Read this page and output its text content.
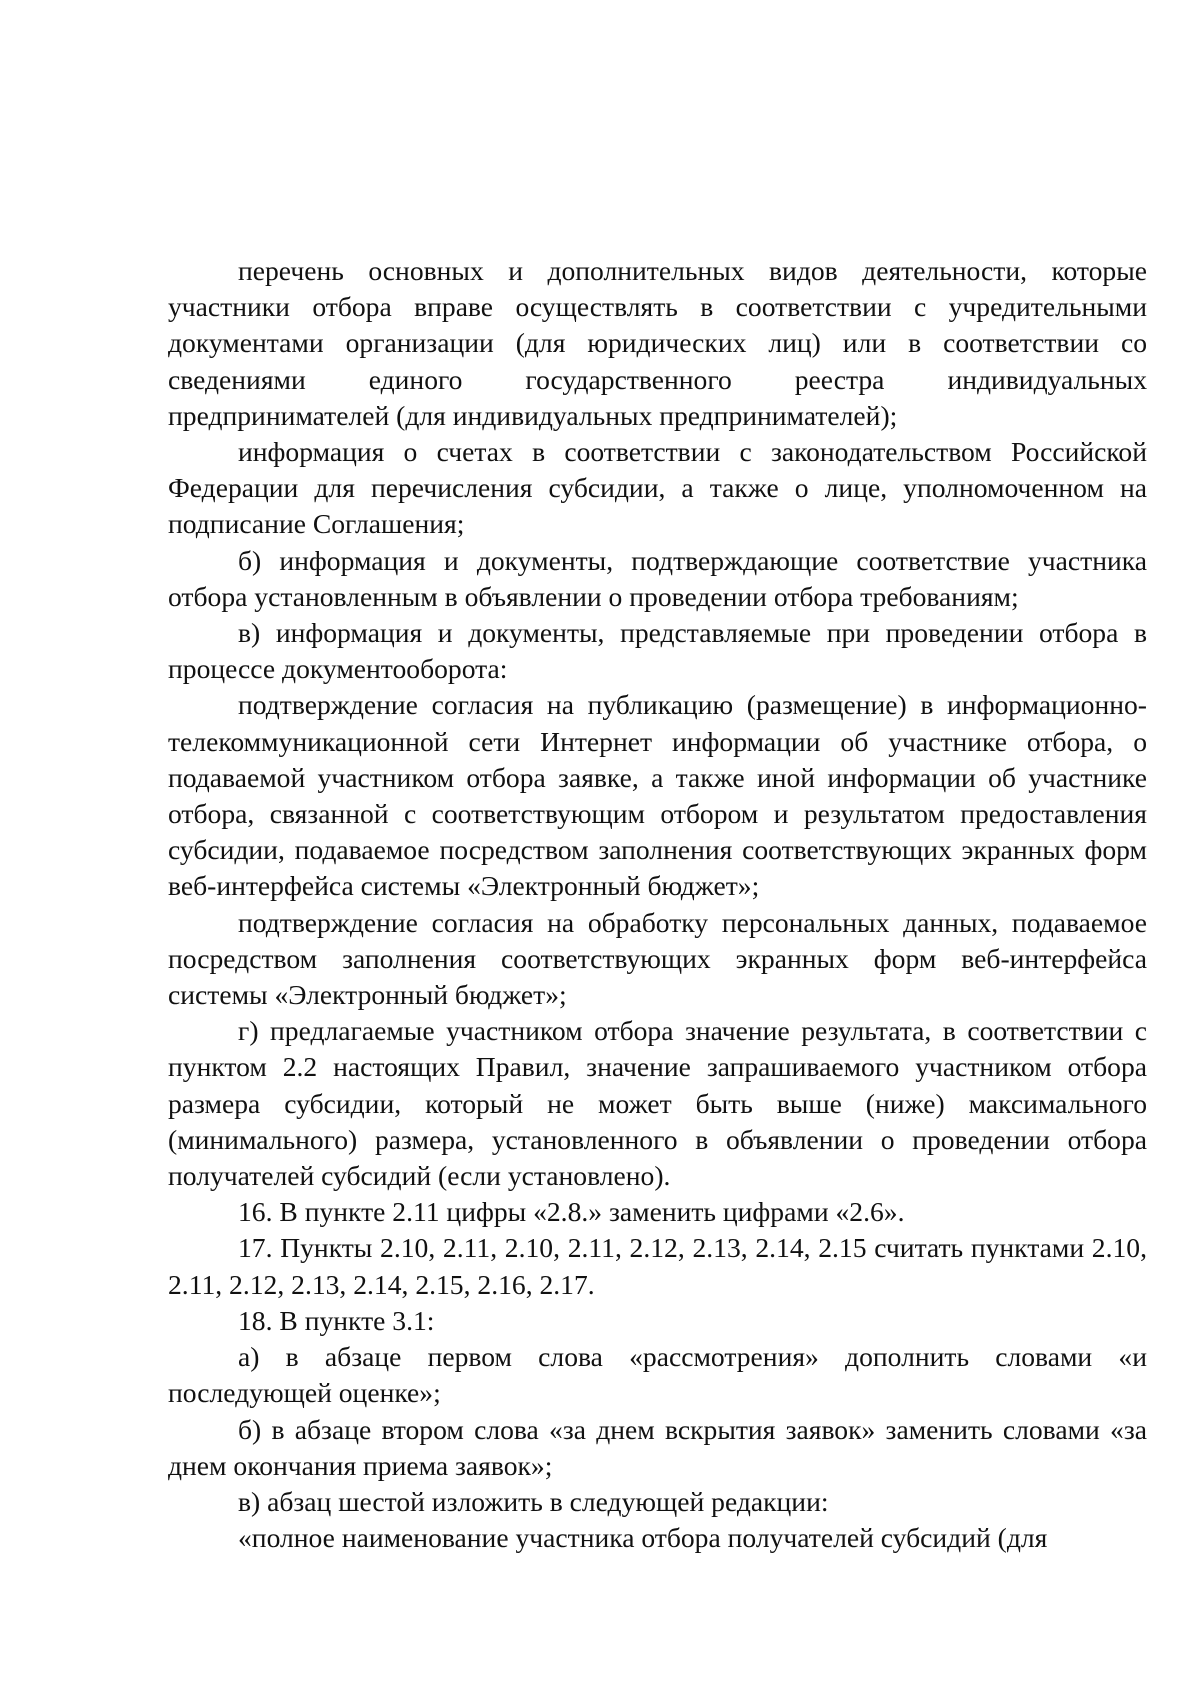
перечень основных и дополнительных видов деятельности, которые участники отбора вправе осуществлять в соответствии с учредительными документами организации (для юридических лиц) или в соответствии со сведениями единого государственного реестра индивидуальных предпринимателей (для индивидуальных предпринимателей);

информация о счетах в соответствии с законодательством Российской Федерации для перечисления субсидии, а также о лице, уполномоченном на подписание Соглашения;

б) информация и документы, подтверждающие соответствие участника отбора установленным в объявлении о проведении отбора требованиям;

в) информация и документы, представляемые при проведении отбора в процессе документооборота:

подтверждение согласия на публикацию (размещение) в информационно-телекоммуникационной сети Интернет информации об участнике отбора, о подаваемой участником отбора заявке, а также иной информации об участнике отбора, связанной с соответствующим отбором и результатом предоставления субсидии, подаваемое посредством заполнения соответствующих экранных форм веб-интерфейса системы «Электронный бюджет»;

подтверждение согласия на обработку персональных данных, подаваемое посредством заполнения соответствующих экранных форм веб-интерфейса системы «Электронный бюджет»;

г) предлагаемые участником отбора значение результата, в соответствии с пунктом 2.2 настоящих Правил, значение запрашиваемого участником отбора размера субсидии, который не может быть выше (ниже) максимального (минимального) размера, установленного в объявлении о проведении отбора получателей субсидий (если установлено).

16. В пункте 2.11 цифры «2.8.» заменить цифрами «2.6».

17. Пункты 2.10, 2.11, 2.10, 2.11, 2.12, 2.13, 2.14, 2.15 считать пунктами 2.10, 2.11, 2.12, 2.13, 2.14, 2.15, 2.16, 2.17.

18. В пункте 3.1:

а) в абзаце первом слова «рассмотрения» дополнить словами «и последующей оценке»;

б) в абзаце втором слова «за днем вскрытия заявок» заменить словами «за днем окончания приема заявок»;

в) абзац шестой изложить в следующей редакции:

«полное наименование участника отбора получателей субсидий (для
